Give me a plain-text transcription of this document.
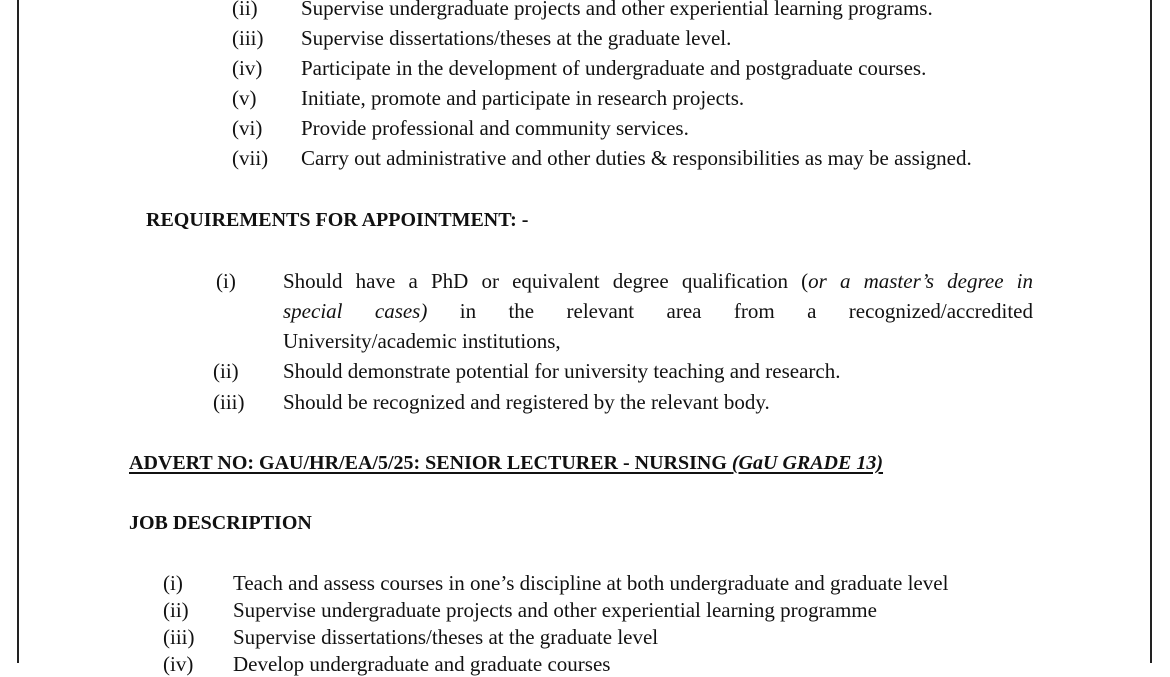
(ii) Supervise undergraduate projects and other experiential learning programs.
(iii) Supervise dissertations/theses at the graduate level.
(iv) Participate in the development of undergraduate and postgraduate courses.
(v) Initiate, promote and participate in research projects.
(vi) Provide professional and community services.
(vii) Carry out administrative and other duties & responsibilities as may be assigned.
REQUIREMENTS FOR APPOINTMENT: -
(i) Should have a PhD or equivalent degree qualification (or a master’s degree in
special cases) in the relevant area from a recognized/accredited
University/academic institutions,
(ii) Should demonstrate potential for university teaching and research.
(iii) Should be recognized and registered by the relevant body.
ADVERT NO: GAU/HR/EA/5/25: SENIOR LECTURER - NURSING (GaU GRADE 13)
JOB DESCRIPTION
(i) Teach and assess courses in one’s discipline at both undergraduate and graduate level
(ii) Supervise undergraduate projects and other experiential learning programme
(iii) Supervise dissertations/theses at the graduate level
(iv) Develop undergraduate and graduate courses
